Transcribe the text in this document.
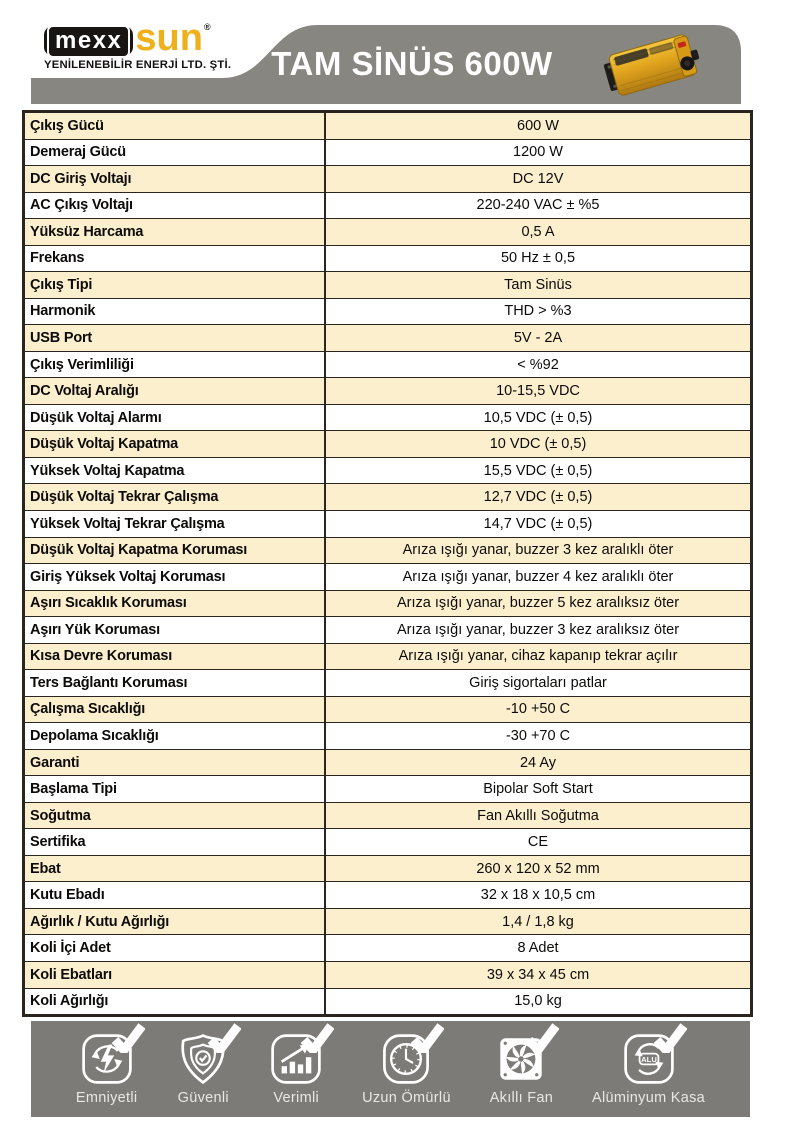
mexx sun ®
YENİLENEBİLİR ENERJİ LTD. ŞTİ. TAM SİNÜS 600W
Çıkış Gücü	600 W
Demeraj Gücü	1200 W
DC Giriş Voltajı	DC 12V
AC Çıkış Voltajı	220-240 VAC ± %5
Yüksüz Harcama	0,5 A
Frekans	50 Hz ± 0,5
Çıkış Tipi	Tam Sinüs
Harmonik	THD > %3
USB Port	5V - 2A
Çıkış Verimliliği	< %92
DC Voltaj Aralığı	10-15,5 VDC
Düşük Voltaj Alarmı	10,5 VDC (± 0,5)
Düşük Voltaj Kapatma	10 VDC (± 0,5)
Yüksek Voltaj Kapatma	15,5 VDC (± 0,5)
Düşük Voltaj Tekrar Çalışma	12,7 VDC (± 0,5)
Yüksek Voltaj Tekrar Çalışma	14,7 VDC (± 0,5)
Düşük Voltaj Kapatma Koruması	Arıza ışığı yanar, buzzer 3 kez aralıklı öter
Giriş Yüksek Voltaj Koruması	Arıza ışığı yanar, buzzer 4 kez aralıklı öter
Aşırı Sıcaklık Koruması	Arıza ışığı yanar, buzzer 5 kez aralıksız öter
Aşırı Yük Koruması	Arıza ışığı yanar, buzzer 3 kez aralıksız öter
Kısa Devre Koruması	Arıza ışığı yanar, cihaz kapanıp tekrar açılır
Ters Bağlantı Koruması	Giriş sigortaları patlar
Çalışma Sıcaklığı	-10 +50 C
Depolama Sıcaklığı	-30 +70 C
Garanti	24 Ay
Başlama Tipi	Bipolar Soft Start
Soğutma	Fan Akıllı Soğutma
Sertifika	CE
Ebat	260 x 120 x 52 mm
Kutu Ebadı	32 x 18 x 10,5 cm
Ağırlık / Kutu Ağırlığı	1,4 / 1,8 kg
Koli İçi Adet	8 Adet
Koli Ebatları	39 x 34 x 45 cm
Koli Ağırlığı	15,0 kg
Emniyetli	Güvenli	Verimli	Uzun Ömürlü	Akıllı Fan
ALU
Alüminyum Kasa
